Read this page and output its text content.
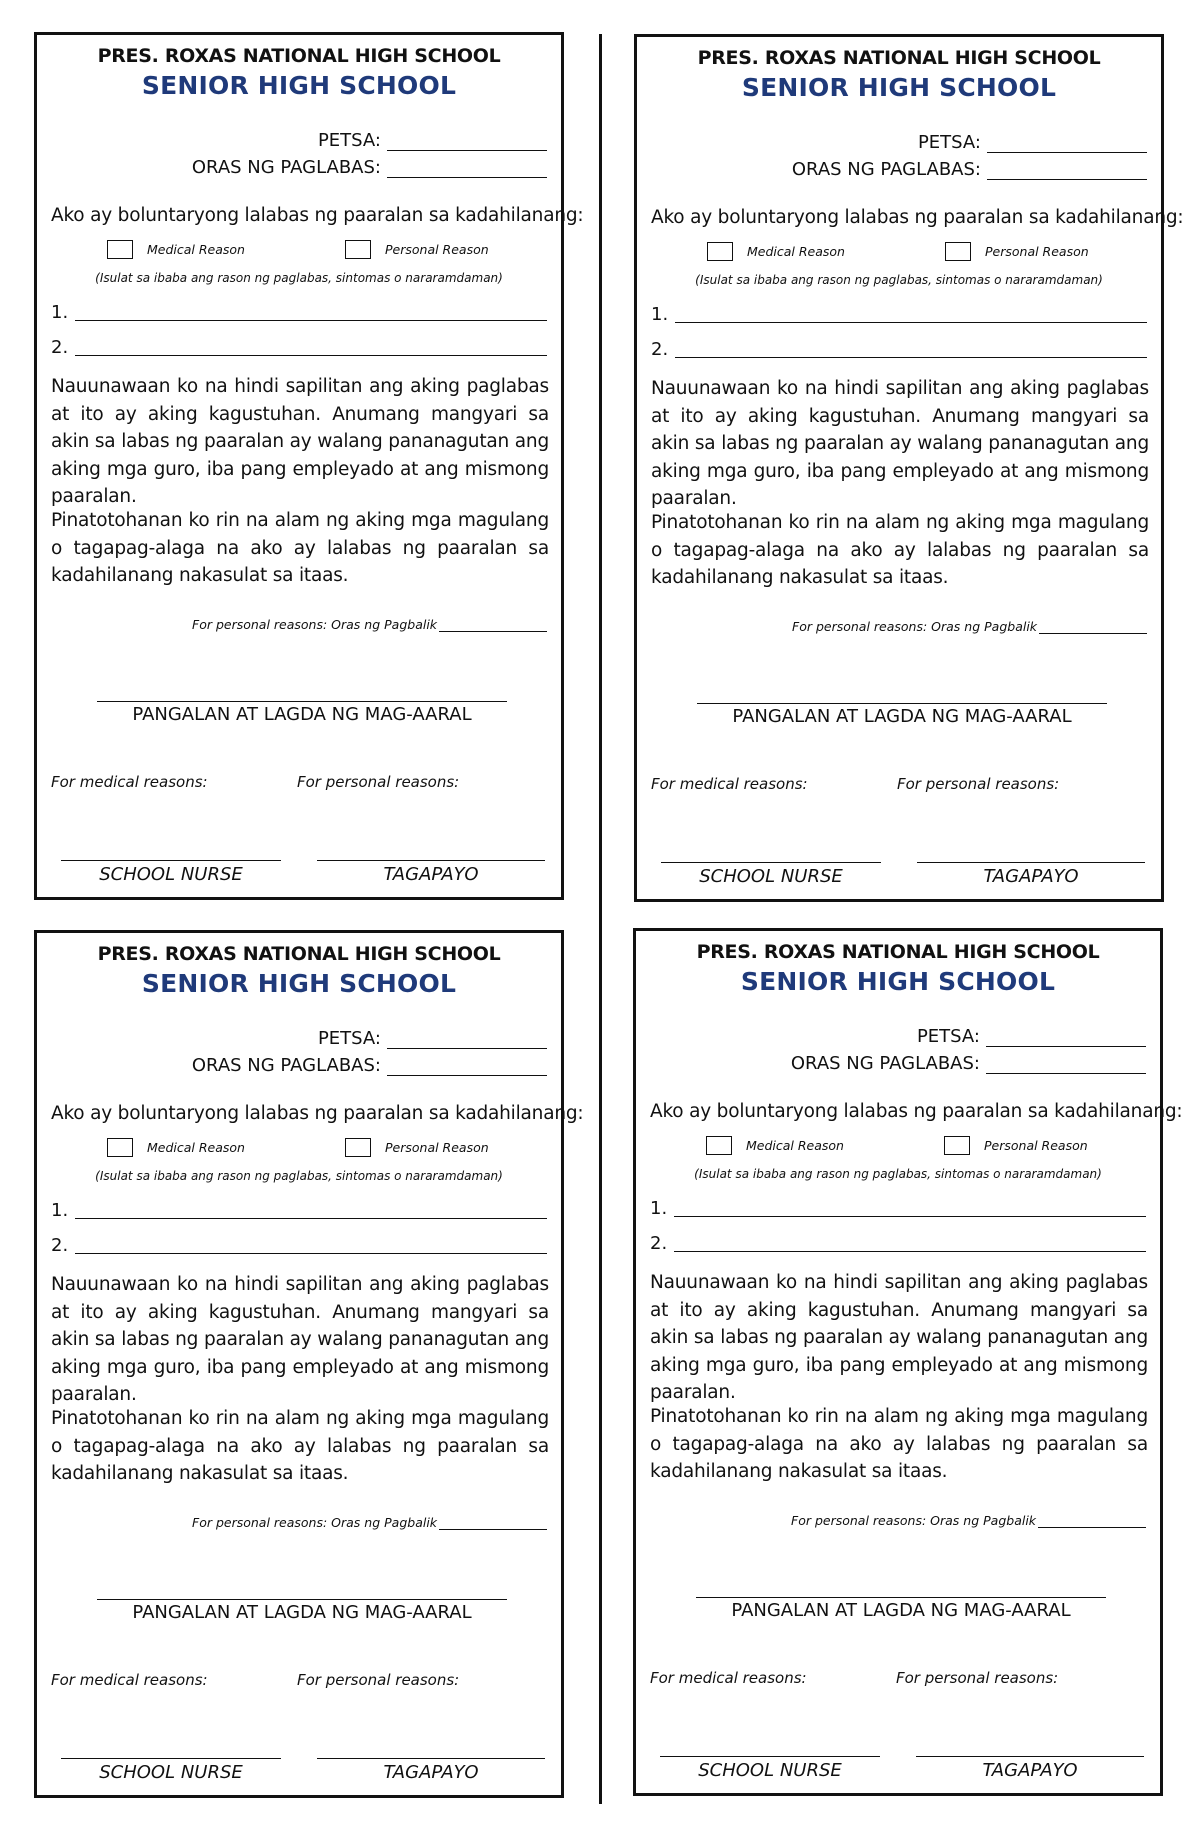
PRES. ROXAS NATIONAL HIGH SCHOOL
SENIOR HIGH SCHOOL
PETSA:
ORAS NG PAGLABAS:
Ako ay boluntaryong lalabas ng paaralan sa kadahilanang:
Medical Reason	Personal Reason
(Isulat sa ibaba ang rason ng paglabas, sintomas o nararamdaman)
1.
2.
Nauunawaan ko na hindi sapilitan ang aking paglabas at ito ay aking kagustuhan. Anumang mangyari sa akin sa labas ng paaralan ay walang pananagutan ang aking mga guro, iba pang empleyado at ang mismong paaralan.
Pinatotohanan ko rin na alam ng aking mga magulang o tagapag-alaga na ako ay lalabas ng paaralan sa kadahilanang nakasulat sa itaas.
For personal reasons: Oras ng Pagbalik
PANGALAN AT LAGDA NG MAG-AARAL
For medical reasons:	For personal reasons:
SCHOOL NURSE	TAGAPAYO
PRES. ROXAS NATIONAL HIGH SCHOOL
SENIOR HIGH SCHOOL
PETSA:
ORAS NG PAGLABAS:
Ako ay boluntaryong lalabas ng paaralan sa kadahilanang:
Medical Reason	Personal Reason
(Isulat sa ibaba ang rason ng paglabas, sintomas o nararamdaman)
1.
2.
Nauunawaan ko na hindi sapilitan ang aking paglabas at ito ay aking kagustuhan. Anumang mangyari sa akin sa labas ng paaralan ay walang pananagutan ang aking mga guro, iba pang empleyado at ang mismong paaralan.
Pinatotohanan ko rin na alam ng aking mga magulang o tagapag-alaga na ako ay lalabas ng paaralan sa kadahilanang nakasulat sa itaas.
For personal reasons: Oras ng Pagbalik
PANGALAN AT LAGDA NG MAG-AARAL
For medical reasons:	For personal reasons:
SCHOOL NURSE	TAGAPAYO
PRES. ROXAS NATIONAL HIGH SCHOOL
SENIOR HIGH SCHOOL
PETSA:
ORAS NG PAGLABAS:
Ako ay boluntaryong lalabas ng paaralan sa kadahilanang:
Medical Reason	Personal Reason
(Isulat sa ibaba ang rason ng paglabas, sintomas o nararamdaman)
1.
2.
Nauunawaan ko na hindi sapilitan ang aking paglabas at ito ay aking kagustuhan. Anumang mangyari sa akin sa labas ng paaralan ay walang pananagutan ang aking mga guro, iba pang empleyado at ang mismong paaralan.
Pinatotohanan ko rin na alam ng aking mga magulang o tagapag-alaga na ako ay lalabas ng paaralan sa kadahilanang nakasulat sa itaas.
For personal reasons: Oras ng Pagbalik
PANGALAN AT LAGDA NG MAG-AARAL
For medical reasons:	For personal reasons:
SCHOOL NURSE	TAGAPAYO
PRES. ROXAS NATIONAL HIGH SCHOOL
SENIOR HIGH SCHOOL
PETSA:
ORAS NG PAGLABAS:
Ako ay boluntaryong lalabas ng paaralan sa kadahilanang:
Medical Reason	Personal Reason
(Isulat sa ibaba ang rason ng paglabas, sintomas o nararamdaman)
1.
2.
Nauunawaan ko na hindi sapilitan ang aking paglabas at ito ay aking kagustuhan. Anumang mangyari sa akin sa labas ng paaralan ay walang pananagutan ang aking mga guro, iba pang empleyado at ang mismong paaralan.
Pinatotohanan ko rin na alam ng aking mga magulang o tagapag-alaga na ako ay lalabas ng paaralan sa kadahilanang nakasulat sa itaas.
For personal reasons: Oras ng Pagbalik
PANGALAN AT LAGDA NG MAG-AARAL
For medical reasons:	For personal reasons:
SCHOOL NURSE	TAGAPAYO
